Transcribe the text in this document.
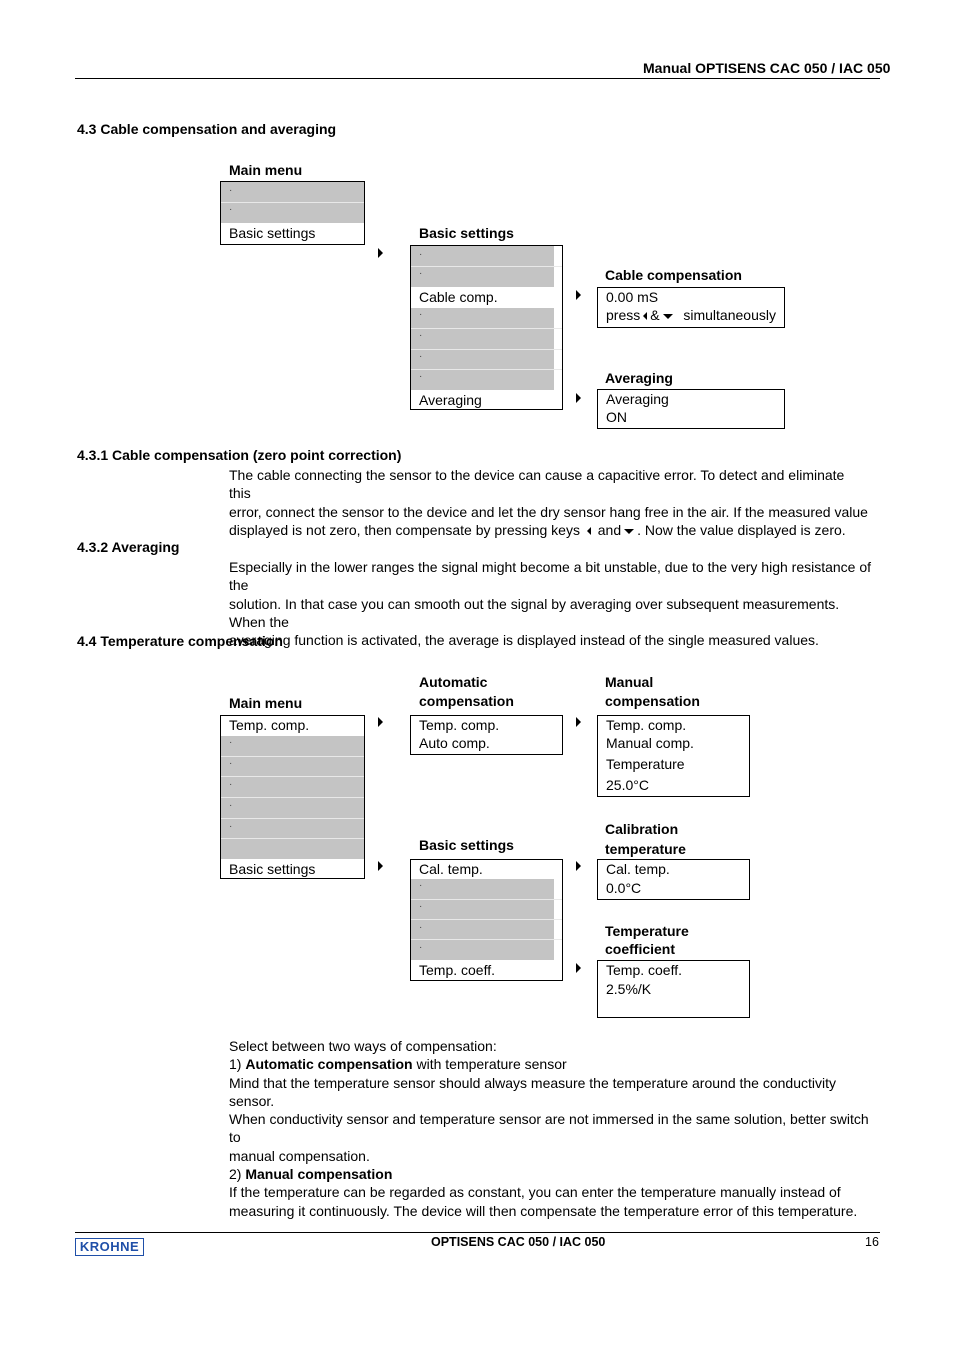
Manual OPTISENS CAC 050 / IAC 050
4.3 Cable compensation and averaging
Main menu
·
·
Basic settings	Basic settings
·
·
Cable comp.
·
·
·
·
Averaging
Cable compensation
0.00 mS
press & simultaneously
Averaging
Averaging
ON
4.3.1 Cable compensation (zero point correction)
The cable connecting the sensor to the device can cause a capacitive error. To detect and eliminate this
error, connect the sensor to the device and let the dry sensor hang free in the air. If the measured value
displayed is not zero, then compensate by pressing keys and . Now the value displayed is zero.
4.3.2 Averaging
Especially in the lower ranges the signal might become a bit unstable, due to the very high resistance of the
solution. In that case you can smooth out the signal by averaging over subsequent measurements. When the
averaging function is activated, the average is displayed instead of the single measured values.
4.4 Temperature compensation
Main menu
Temp. comp.
·
·
·
·
·
Basic settings
Automatic
compensation
Temp. comp.
Auto comp.
Manual
compensation
Temp. comp.
Manual comp.
Temperature
25.0°C
Basic settings
Cal. temp.
·
·
·
·
Temp. coeff.
Calibration
temperature
Cal. temp.
0.0°C
Temperature
coefficient
Temp. coeff.
2.5%/K
Select between two ways of compensation:
1) Automatic compensation with temperature sensor
Mind that the temperature sensor should always measure the temperature around the conductivity sensor.
When conductivity sensor and temperature sensor are not immersed in the same solution, better switch to
manual compensation.
2) Manual compensation
If the temperature can be regarded as constant, you can enter the temperature manually instead of
measuring it continuously. The device will then compensate the temperature error of this temperature.
KROHNE	OPTISENS CAC 050 / IAC 050	16
